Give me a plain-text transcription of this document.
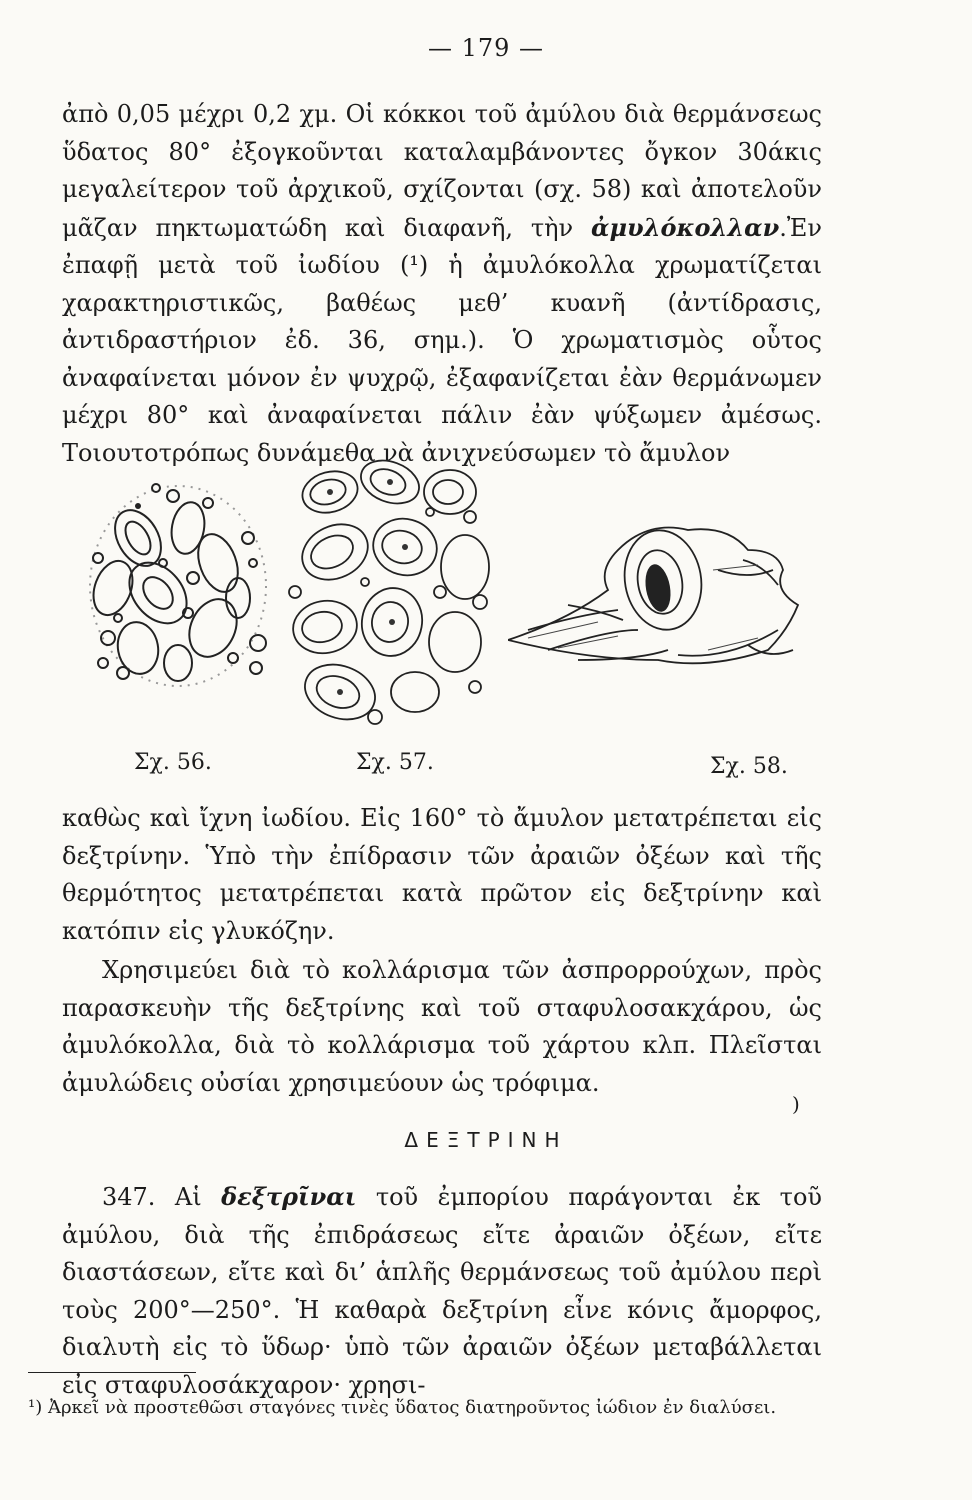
— 179 —

ἀπὸ 0,05 μέχρι 0,2 χμ. Οἱ κόκκοι τοῦ ἀμύλου διὰ θερμάνσεως ὕδατος 80° ἐξογκοῦνται καταλαμβάνοντες ὄγκον 30άκις μεγαλείτερον τοῦ ἀρχικοῦ, σχίζονται (σχ. 58) καὶ ἀποτελοῦν μᾶζαν πηκτωματώδη καὶ διαφανῆ, τὴν ἀμυλόκολλαν.Ἐν ἐπαφῇ μετὰ τοῦ ἰωδίου (¹) ἡ ἀμυλόκολλα χρωματίζεται χαρακτηριστικῶς, βαθέως μεθ’ κυανῆ (ἀντίδρασις, ἀντιδραστήριον ἐδ. 36, σημ.). Ὁ χρωματισμὸς οὗτος ἀναφαίνεται μόνον ἐν ψυχρῷ, ἐξαφανίζεται ἐὰν θερμάνωμεν μέχρι 80° καὶ ἀναφαίνεται πάλιν ἐὰν ψύξωμεν ἀμέσως. Τοιουτοτρόπως δυνάμεθα νὰ ἀνιχνεύσωμεν τὸ ἄμυλον

Σχ. 56.	Σχ. 57.	Σχ. 58.

καθὼς καὶ ἴχνη ἰωδίου. Εἰς 160° τὸ ἄμυλον μετατρέπεται εἰς δεξτρίνην. Ὑπὸ τὴν ἐπίδρασιν τῶν ἀραιῶν ὀξέων καὶ τῆς θερμότητος μετατρέπεται κατὰ πρῶτον εἰς δεξτρίνην καὶ κατόπιν εἰς γλυκόζην.

Χρησιμεύει διὰ τὸ κολλάρισμα τῶν ἀσπρορρούχων, πρὸς παρασκευὴν τῆς δεξτρίνης καὶ τοῦ σταφυλοσακχάρου, ὡς ἀμυλόκολλα, διὰ τὸ κολλάρισμα τοῦ χάρτου κλπ. Πλεῖσται ἀμυλώδεις οὐσίαι χρησιμεύουν ὡς τρόφιμα.

)
ΔΕΞΤΡΙΝΗ

347. Αἱ δεξτρῖναι τοῦ ἐμπορίου παράγονται ἐκ τοῦ ἀμύλου, διὰ τῆς ἐπιδράσεως εἴτε ἀραιῶν ὀξέων, εἴτε διαστάσεων, εἴτε καὶ δι’ ἁπλῆς θερμάνσεως τοῦ ἀμύλου περὶ τοὺς 200°—250°. Ἡ καθαρὰ δεξτρίνη εἶνε κόνις ἄμορφος, διαλυτὴ εἰς τὸ ὕδωρ· ὑπὸ τῶν ἀραιῶν ὀξέων μεταβάλλεται εἰς σταφυλοσάκχαρον· χρησι-

¹) Ἀρκεῖ νὰ προστεθῶσι σταγόνες τινὲς ὕδατος διατηροῦντος ἰώδιον ἐν διαλύσει.
